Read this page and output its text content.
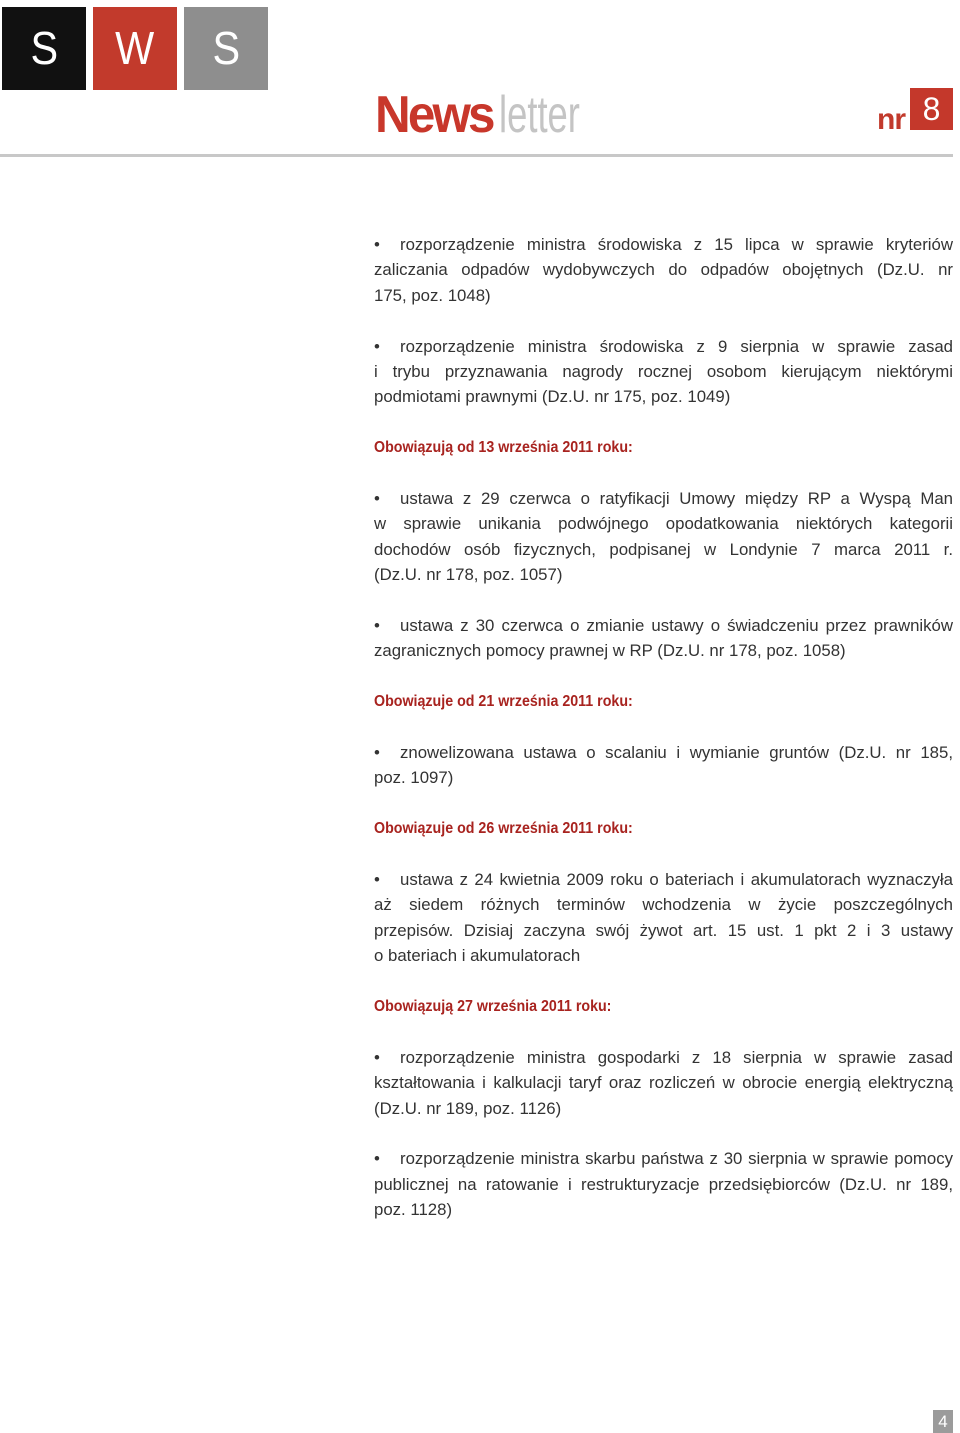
S	W	S
News letter	nr 8
•rozporządzenie ministra środowiska z 15 lipca w sprawie kryteriów
zaliczania odpadów wydobywczych do odpadów obojętnych (Dz.U. nr
175, poz. 1048)
•rozporządzenie ministra środowiska z 9 sierpnia w sprawie zasad
i trybu przyznawania nagrody rocznej osobom kierującym niektórymi
podmiotami prawnymi (Dz.U. nr 175, poz. 1049)
Obowiązują od 13 września 2011 roku:
•ustawa z 29 czerwca o ratyfikacji Umowy między RP a Wyspą Man
w sprawie unikania podwójnego opodatkowania niektórych kategorii
dochodów osób fizycznych, podpisanej w Londynie 7 marca 2011 r.
(Dz.U. nr 178, poz. 1057)
•ustawa z 30 czerwca o zmianie ustawy o świadczeniu przez prawników
zagranicznych pomocy prawnej w RP (Dz.U. nr 178, poz. 1058)
Obowiązuje od 21 września 2011 roku:
•znowelizowana ustawa o scalaniu i wymianie gruntów (Dz.U. nr 185,
poz. 1097)
Obowiązuje od 26 września 2011 roku:
•ustawa z 24 kwietnia 2009 roku o bateriach i akumulatorach wyznaczyła
aż siedem różnych terminów wchodzenia w życie poszczególnych
przepisów. Dzisiaj zaczyna swój żywot art. 15 ust. 1 pkt 2 i 3 ustawy
o bateriach i akumulatorach
Obowiązują 27 września 2011 roku:
•rozporządzenie ministra gospodarki z 18 sierpnia w sprawie zasad
kształtowania i kalkulacji taryf oraz rozliczeń w obrocie energią elektryczną
(Dz.U. nr 189, poz. 1126)
•rozporządzenie ministra skarbu państwa z 30 sierpnia w sprawie pomocy
publicznej na ratowanie i restrukturyzacje przedsiębiorców (Dz.U. nr 189,
poz. 1128)
4
